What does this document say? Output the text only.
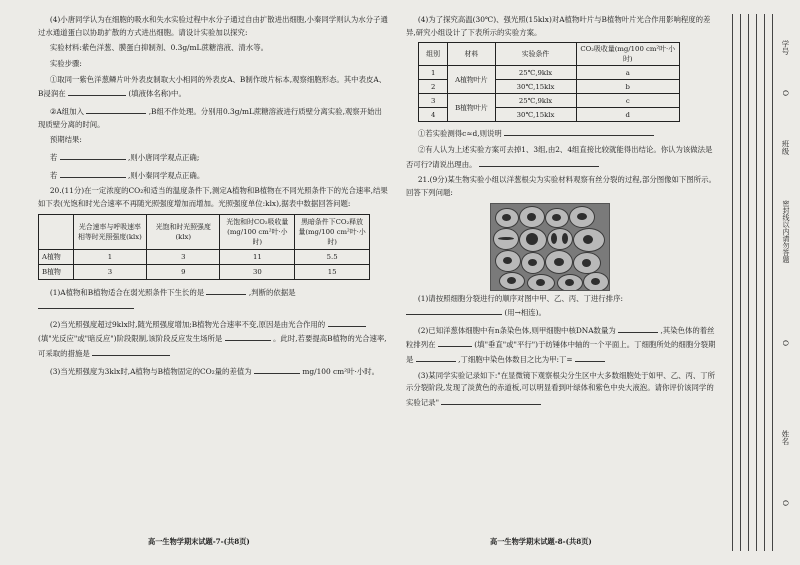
(4)小唐同学认为在细胞的吸水和失水实验过程中水分子通过自由扩散进出细胞,小秦同学则认为水分子通过水通道蛋白以协助扩散的方式进出细胞。请设计实验加以探究:

实验材料:紫色洋葱、膜蛋白抑制剂、0.3g/mL蔗糖溶液、清水等。

实验步骤:

①取同一紫色洋葱鳞片叶外表皮制取大小相同的外表皮A、B制作玻片标本,观察细胞形态。其中表皮A、B浸润在	(填液体名称)中。

②A组加入	,B组不作处理。分别用0.3g/mL蔗糖溶液进行质壁分离实验,观察开始出现质壁分离的时间。

预期结果:

若	,则小唐同学观点正确;

若	,则小秦同学观点正确。

20.(11分)在一定浓度的CO₂和适当的温度条件下,测定A植物和B植物在不同光照条件下的光合速率,结果如下表(光饱和时光合速率不再随光照强度增加而增加。光照强度单位:klx),据表中数据回答问题:

	光合速率与呼吸速率相等时光照强度(klx)	光饱和时光照强度(klx)	光饱和时CO₂吸收量(mg/100 cm²叶·小时)	黑暗条件下CO₂释放量(mg/100 cm²叶·小时)
A植物	1	3	11	5.5
B植物	3	9	30	15

(1)A植物和B植物适合在弱光照条件下生长的是	,判断的依据是

(2)当光照强度超过9klx时,随光照强度增加;B植物光合速率不变,原因是由光合作用的  (填"光反应"或"暗反应")阶段限制,该阶段反应发生场所是	。此时,若要提高B植物的光合速率,可采取的措施是

(3)当光照强度为3klx时,A植物与B植物固定的CO₂量的差值为	mg/100 cm²叶·小时。

高一生物学期末试题-7-(共8页)

(4)为了探究高温(30℃)、强光照(15klx)对A植物叶片与B植物叶片光合作用影响程度的差异,研究小组设计了下表所示的实验方案。

组别	材料	实验条件	CO₂吸收量(mg/100 cm²叶·小时)
1	A植物叶片	25℃,9klx	a
2		30℃,15klx	b
3	B植物叶片	25℃,9klx	c
4		30℃,15klx	d

①若实验测得c≈d,则说明

②有人认为上述实验方案可去掉1、3组,由2、4组直接比较就能得出结论。你认为该做法是否可行?请说出理由。

21.(9分)某生物实验小组以洋葱根尖为实验材料观察有丝分裂的过程,部分图像如下图所示。回答下列问题:

(1)请按照细胞分裂进行的顺序对图中甲、乙、丙、丁进行排序:  (用→相连)。

(2)已知洋葱体细胞中有n条染色体,则甲细胞中核DNA数量为	,其染色体的着丝粒排列在	(填"垂直"或"平行")于纺锤体中轴的一个平面上。丁细胞所处的细胞分裂期是	,丁细胞中染色体数目之比为甲:丁=

(3)某同学实验记录如下:"在显微镜下观察根尖分生区中大多数细胞处于如甲、乙、丙、丁所示分裂阶段,发现了淡黄色的赤道板,可以明显看到叶绿体和紫色中央大液泡。请你评价该同学的实验记录"

高一生物学期末试题-8-(共8页)
学号
O
班级
密封线以内请勿答题
O
姓名
O
